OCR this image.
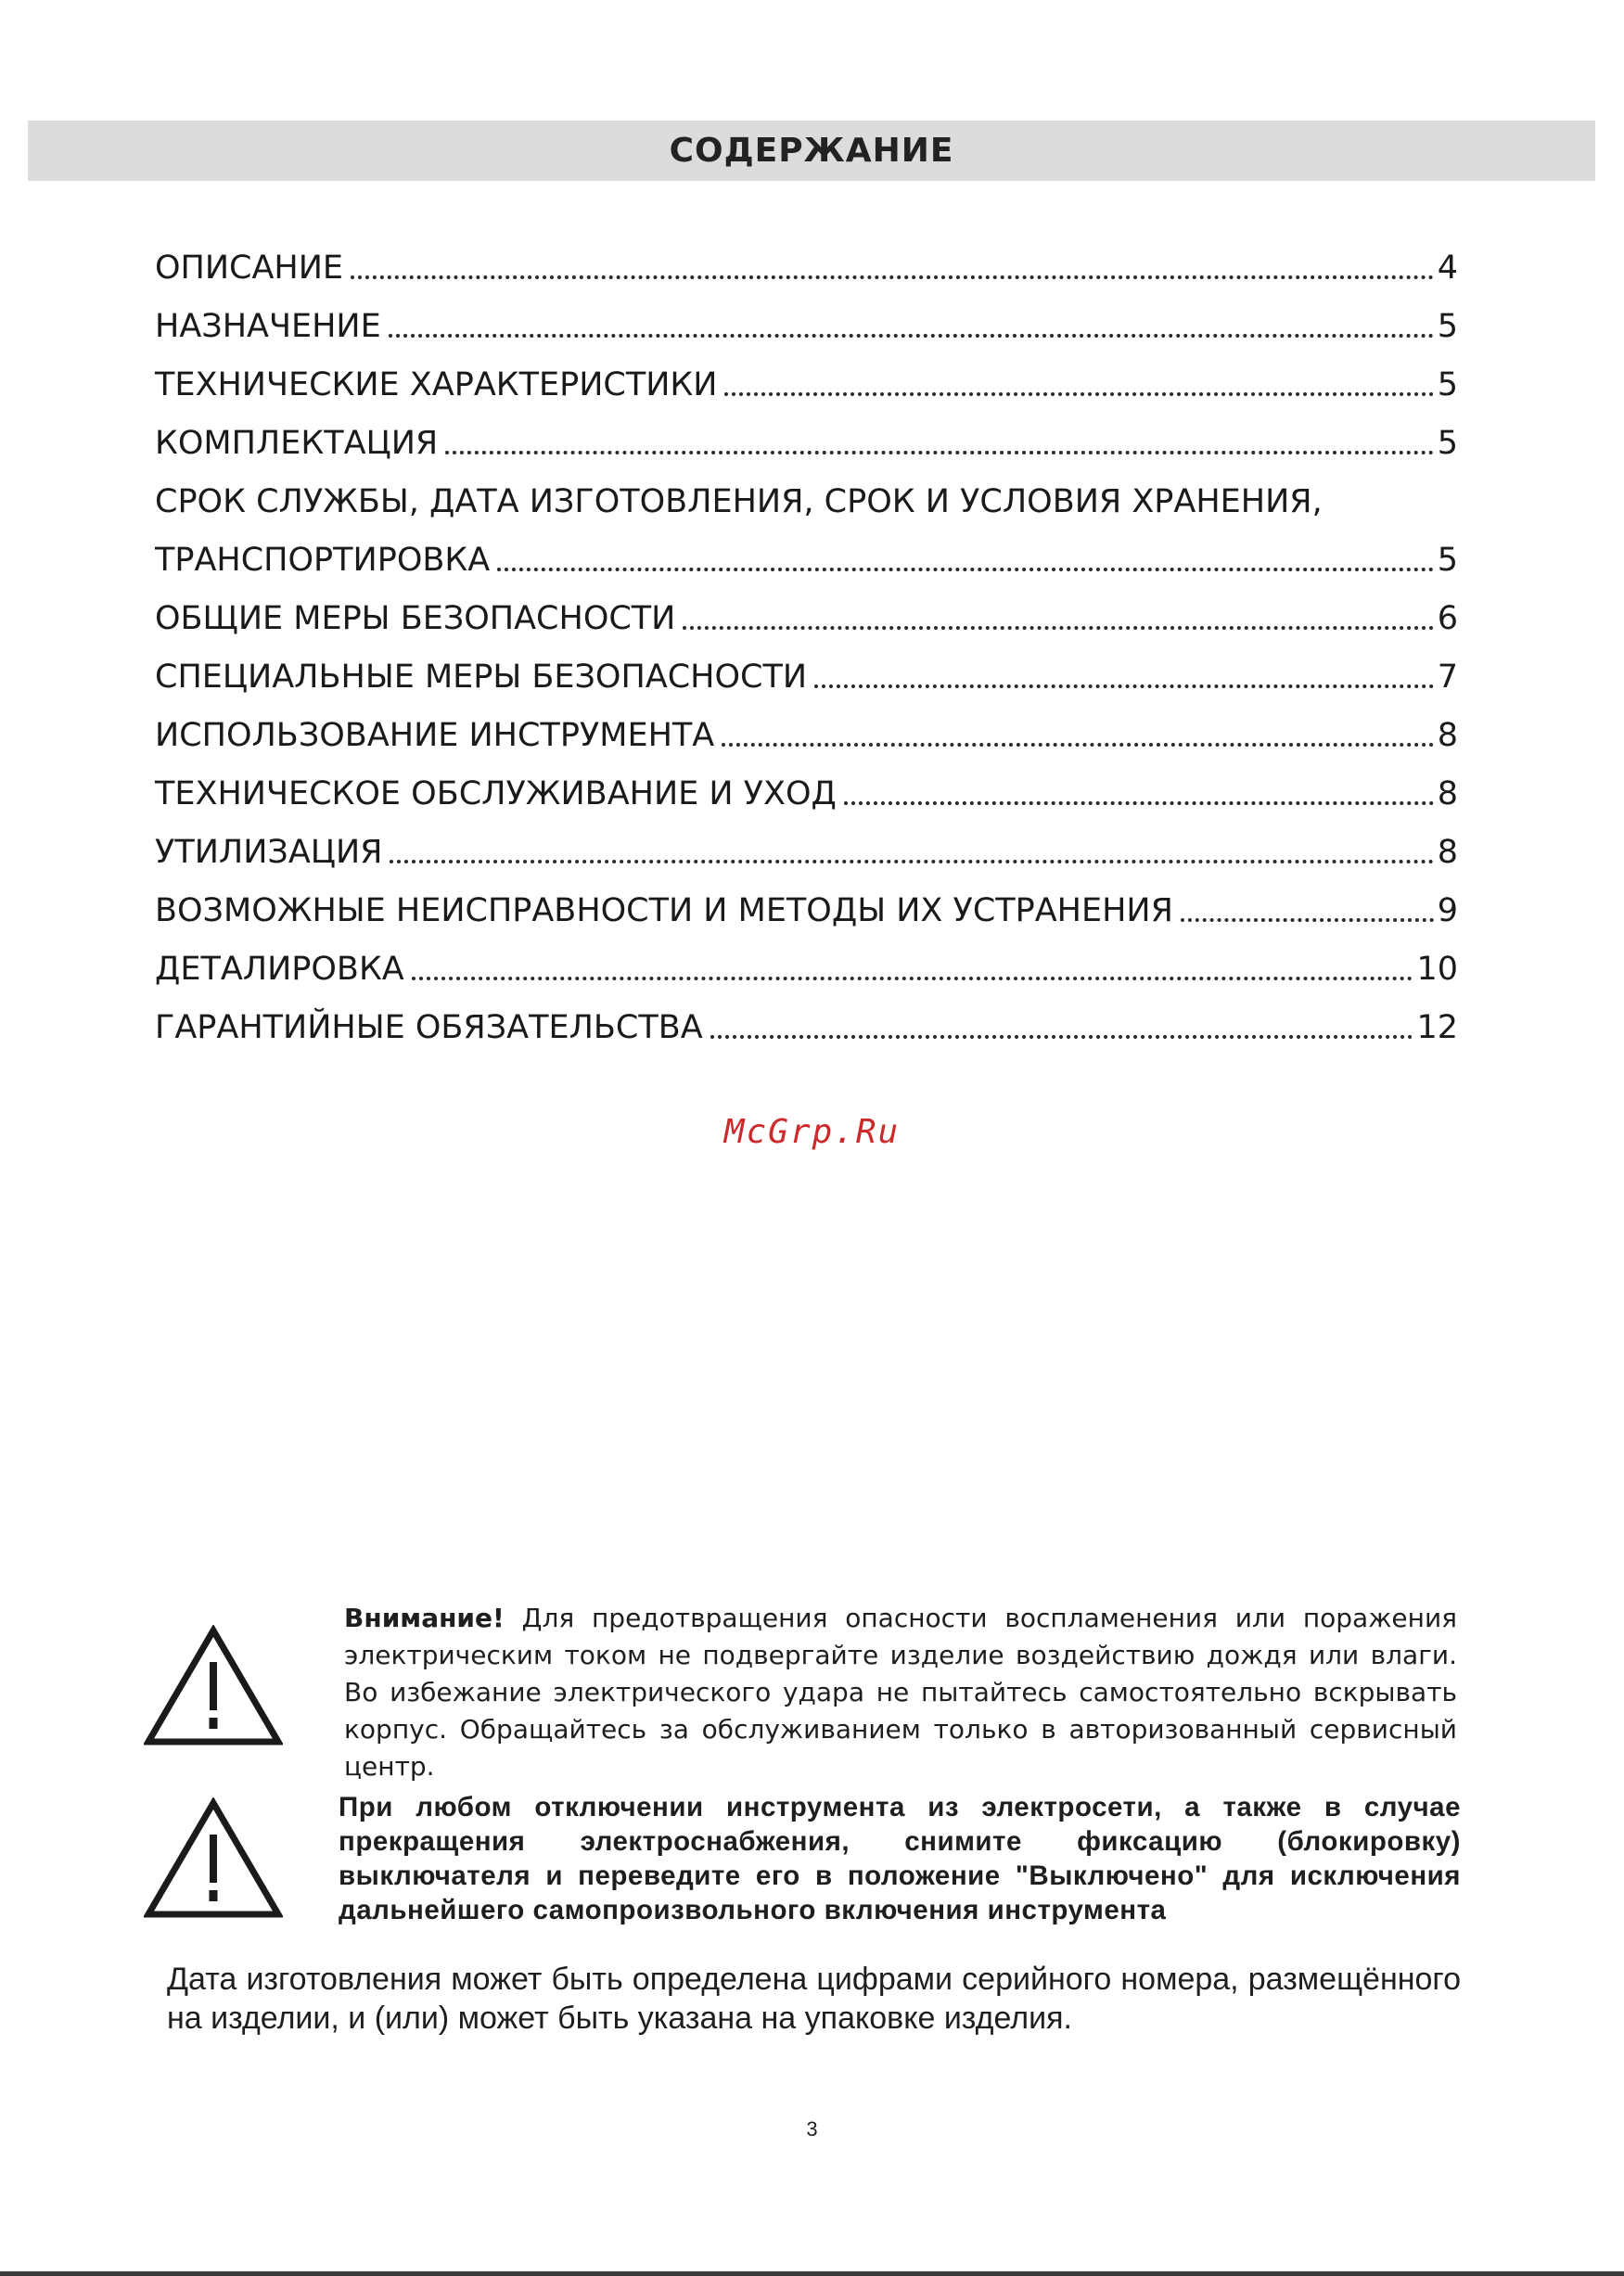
СОДЕРЖАНИЕ
ОПИСАНИЕ	4
НАЗНАЧЕНИЕ	5
ТЕХНИЧЕСКИЕ ХАРАКТЕРИСТИКИ	5
КОМПЛЕКТАЦИЯ	5
СРОК СЛУЖБЫ, ДАТА ИЗГОТОВЛЕНИЯ, СРОК И УСЛОВИЯ ХРАНЕНИЯ,
ТРАНСПОРТИРОВКА	5
ОБЩИЕ МЕРЫ БЕЗОПАСНОСТИ	6
СПЕЦИАЛЬНЫЕ МЕРЫ БЕЗОПАСНОСТИ	7
ИСПОЛЬЗОВАНИЕ ИНСТРУМЕНТА	8
ТЕХНИЧЕСКОЕ ОБСЛУЖИВАНИЕ И УХОД	8
УТИЛИЗАЦИЯ	8
ВОЗМОЖНЫЕ НЕИСПРАВНОСТИ И МЕТОДЫ ИХ УСТРАНЕНИЯ	9
ДЕТАЛИРОВКА	10
ГАРАНТИЙНЫЕ ОБЯЗАТЕЛЬСТВА	12
McGrp.Ru
Внимание! Для предотвращения опасности воспламенения или поражения электрическим током не подвергайте изделие воздействию дождя или влаги. Во избежание электрического удара не пытайтесь самостоятельно вскрывать корпус. Обращайтесь за обслуживанием только в авторизованный сервисный центр.
При любом отключении инструмента из электросети, а также в случае прекращения электроснабжения, снимите фиксацию (блокировку) выключателя и переведите его в положение "Выключено" для исключения дальнейшего самопроизвольного включения инструмента
Дата изготовления может быть определена цифрами серийного номера, размещённого на изделии, и (или) может быть указана на упаковке изделия.
3
